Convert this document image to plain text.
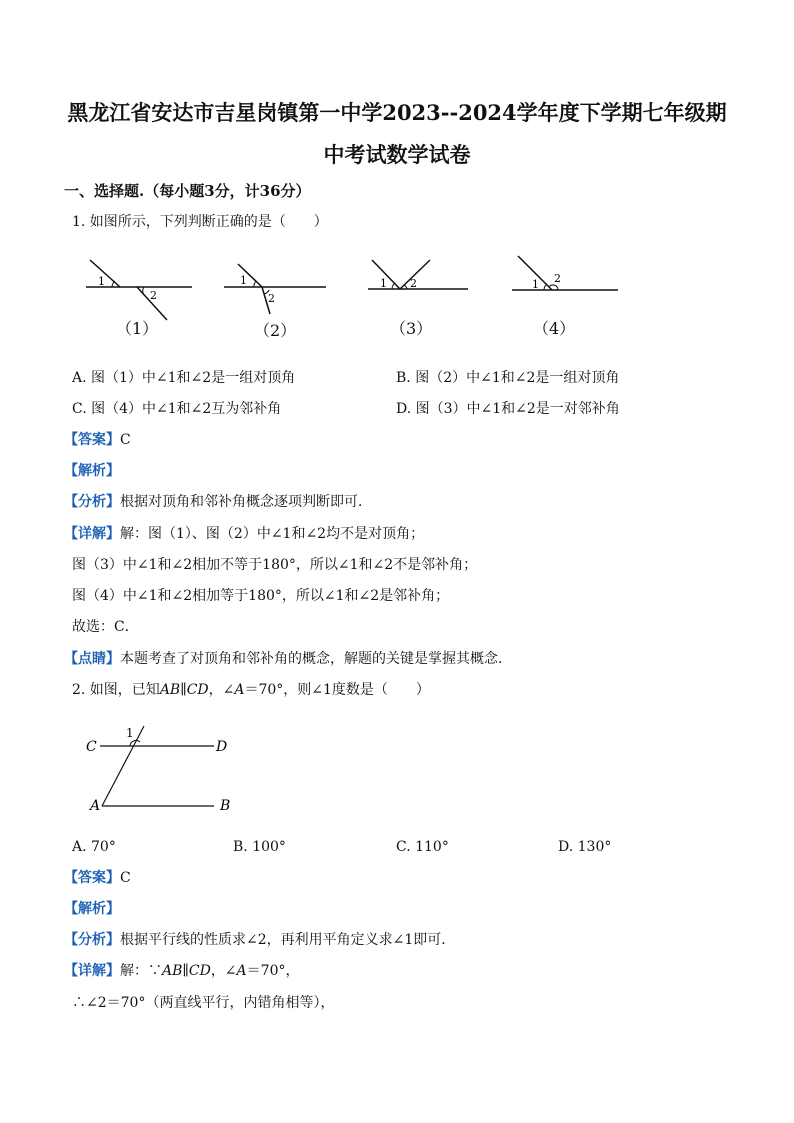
黑龙江省安达市吉星岗镇第一中学2023--2024学年度下学期七年级期
中考试数学试卷
一、选择题.（每小题3分，计36分）
1. 如图所示，下列判断正确的是（　　）
1
2
（1）
1
2
（2）
1 2
（3）
1 2
（4）
A. 图（1）中∠1和∠2是一组对顶角	B. 图（2）中∠1和∠2是一组对顶角
C. 图（4）中∠1和∠2互为邻补角	D. 图（3）中∠1和∠2是一对邻补角
【答案】C
【解析】
【分析】根据对顶角和邻补角概念逐项判断即可．
【详解】解：图（1）、图（2）中∠1和∠2均不是对顶角；
图（3）中∠1和∠2相加不等于180°，所以∠1和∠2不是邻补角；
图（4）中∠1和∠2相加等于180°，所以∠1和∠2是邻补角；
故选：C．
【点睛】本题考查了对顶角和邻补角的概念，解题的关键是掌握其概念．
2. 如图，已知AB∥CD，∠A＝70°，则∠1度数是（　　）
C	D
A	B
1
A. 70°	B. 100°	C. 110°	D. 130°
【答案】C
【解析】
【分析】根据平行线的性质求∠2，再利用平角定义求∠1即可．
【详解】解：∵AB∥CD，∠A＝70°，
∴∠2＝70°（两直线平行，内错角相等），
